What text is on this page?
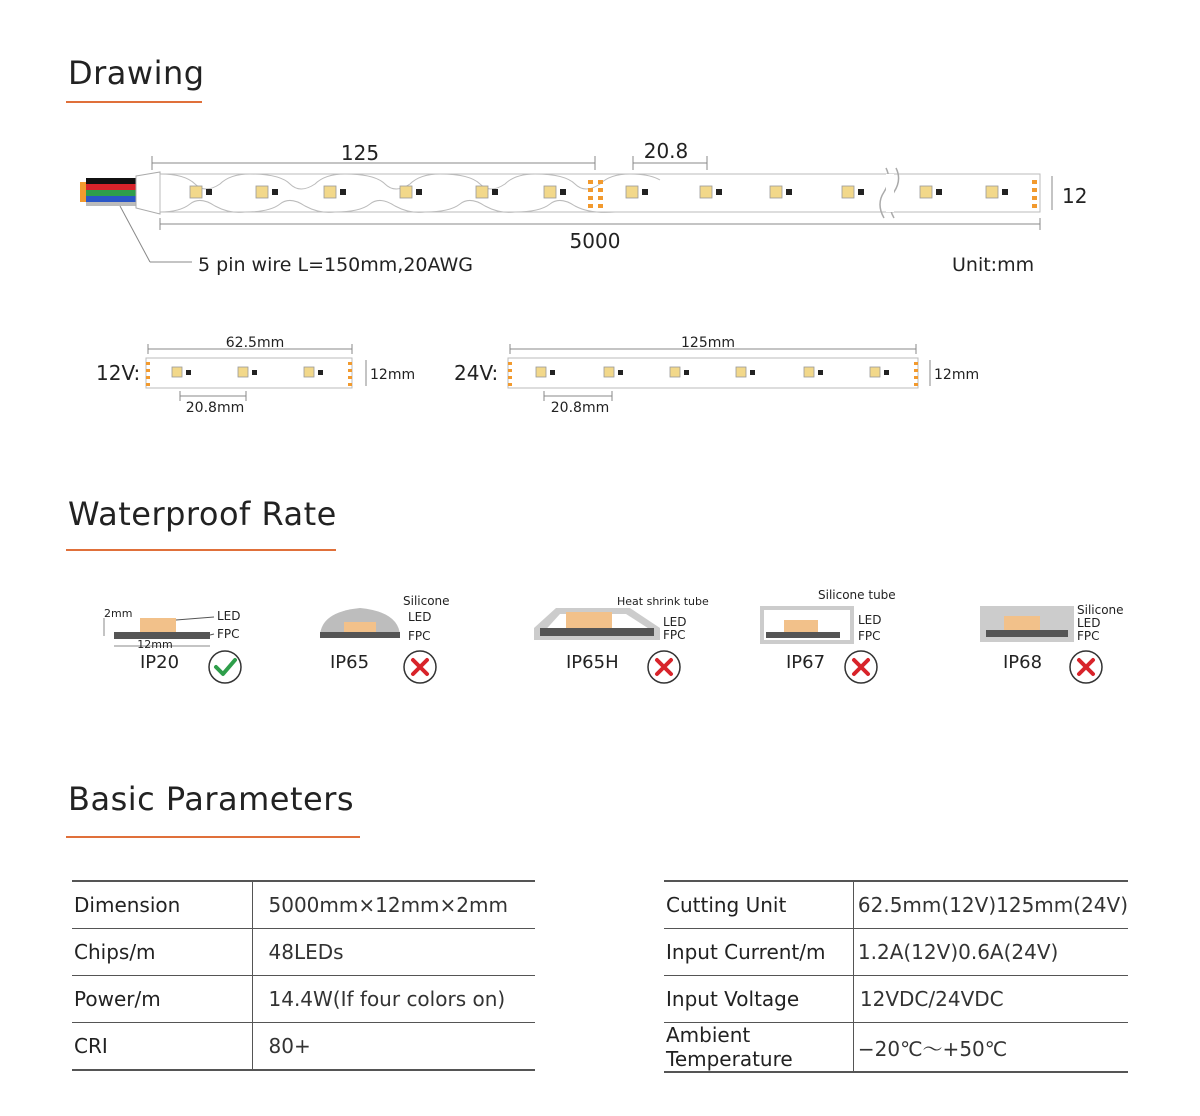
Drawing
125	20.8
12
5000
5 pin wire L=150mm,20AWG	Unit:mm
12V:
62.5mm
12mm
20.8mm
24V:
125mm
12mm
20.8mm
Waterproof Rate
2mm	LED
FPC
12mm
Silicone
LED
FPC
Heat shrink tube
LED
FPC
Silicone tube
LED
FPC
Silicone
LED
FPC
IP20	IP65	IP65H	IP67	IP68
Basic Parameters
Dimension	5000mm×12mm×2mm
Chips/m	48LEDs
Power/m	14.4W(If four colors on)
CRI	80+
Cutting Unit	62.5mm(12V)125mm(24V)
Input Current/m	1.2A(12V)0.6A(24V)
Input Voltage	12VDC/24VDC
Ambient Temperature	−20℃～+50℃
